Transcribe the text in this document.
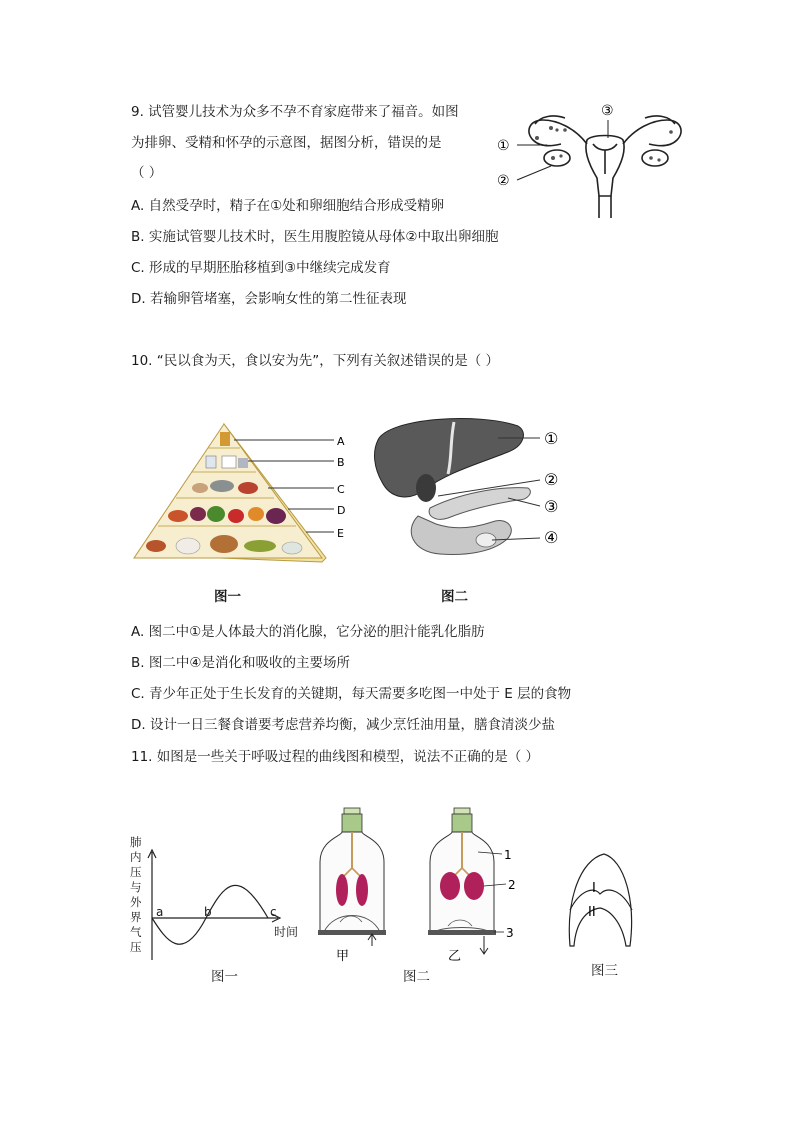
9. 试管婴儿技术为众多不孕不育家庭带来了福音。如图
为排卵、受精和怀孕的示意图，据图分析，错误的是
（ ）
A. 自然受孕时，精子在①处和卵细胞结合形成受精卵
B. 实施试管婴儿技术时，医生用腹腔镜从母体②中取出卵细胞
C. 形成的早期胚胎移植到③中继续完成发育
D. 若输卵管堵塞，会影响女性的第二性征表现
①
②
③
10. “民以食为天，食以安为先”，下列有关叙述错误的是（ ）
A
B
C
D
E
①
②
③
④
图一	图二
A. 图二中①是人体最大的消化腺，它分泌的胆汁能乳化脂肪
B. 图二中④是消化和吸收的主要场所
C. 青少年正处于生长发育的关键期，每天需要多吃图一中处于 E 层的食物
D. 设计一日三餐食谱要考虑营养均衡，减少烹饪油用量，膳食清淡少盐
11. 如图是一些关于呼吸过程的曲线图和模型，说法不正确的是（ ）
肺
内
压
与
外
界
气
压
a	b	c
时间
图一
甲	乙
1
2
3
图二
I
II
图三
